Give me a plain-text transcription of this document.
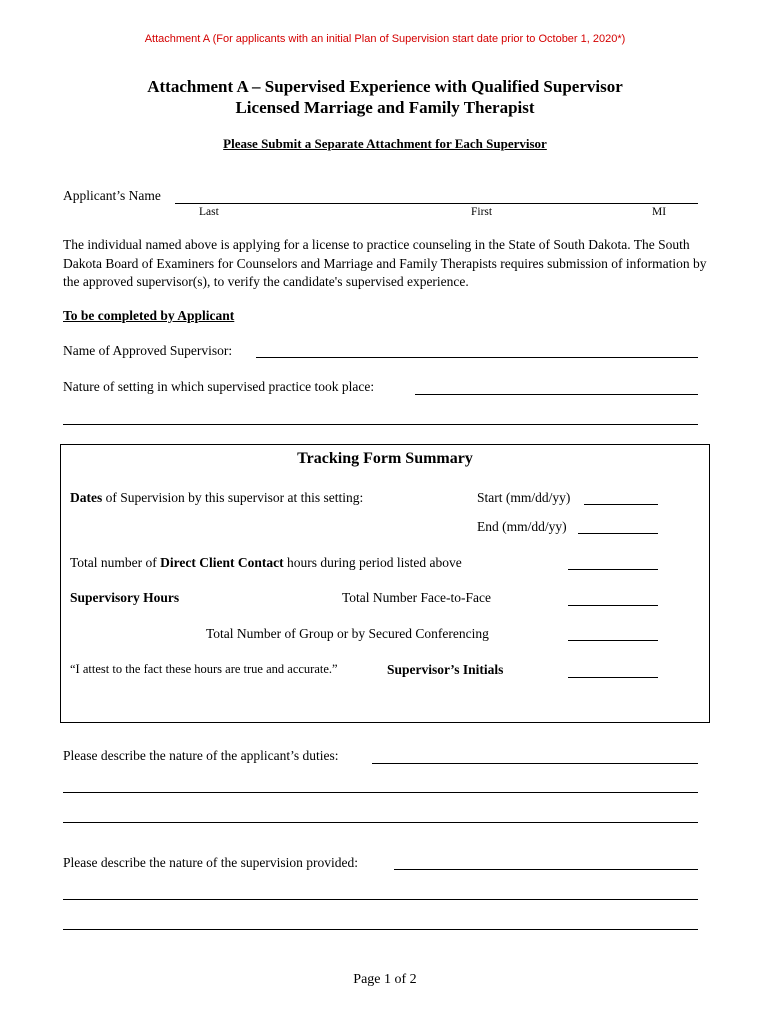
Attachment A (For applicants with an initial Plan of Supervision start date prior to October 1, 2020*)
Attachment A – Supervised Experience with Qualified Supervisor
Licensed Marriage and Family Therapist
Please Submit a Separate Attachment for Each Supervisor
Applicant’s Name
Last	First	MI
The individual named above is applying for a license to practice counseling in the State of South Dakota. The South Dakota Board of Examiners for Counselors and Marriage and Family Therapists requires submission of information by the approved supervisor(s), to verify the candidate's supervised experience.
To be completed by Applicant
Name of Approved Supervisor:
Nature of setting in which supervised practice took place:
Tracking Form Summary
Dates of Supervision by this supervisor at this setting:	Start (mm/dd/yy)
End (mm/dd/yy)
Total number of Direct Client Contact hours during period listed above
Supervisory Hours	Total Number Face-to-Face
Total Number of Group or by Secured Conferencing
“I attest to the fact these hours are true and accurate.”	Supervisor’s Initials
Please describe the nature of the applicant’s duties:
Please describe the nature of the supervision provided:
Page 1 of 2
